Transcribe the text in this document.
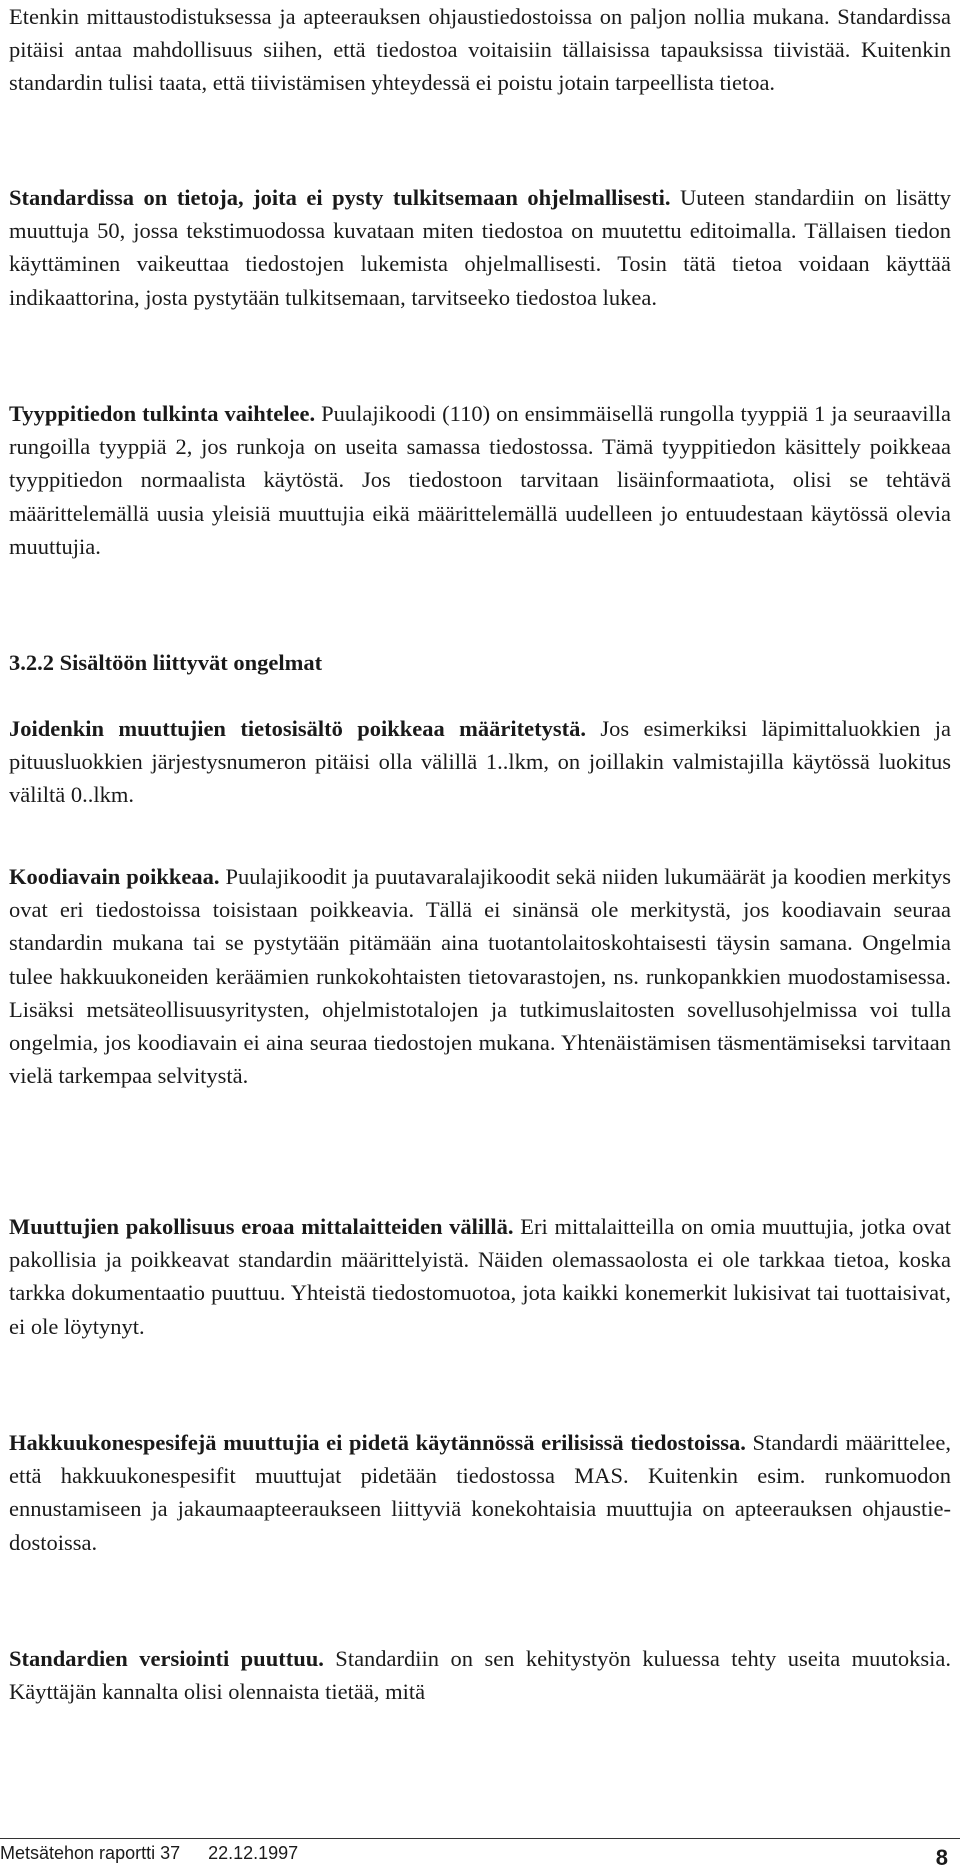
Etenkin mittaustodistuksessa ja apteerauksen ohjaustiedostoissa on paljon nollia mukana. Standardissa pitäisi antaa mahdollisuus siihen, että tiedostoa voitaisiin tällaisissa tapauksissa tiivistää. Kuitenkin standardin tulisi taata, että tiivistämisen yhteydessä ei poistu jotain tarpeellista tietoa.

Standardissa on tietoja, joita ei pysty tulkitsemaan ohjelmallisesti. Uuteen standardiin on lisätty muuttuja 50, jossa tekstimuodossa kuvataan miten tiedostoa on muutettu editoimalla. Tällaisen tiedon käyttäminen vaikeuttaa tiedostojen lukemista ohjelmallisesti. Tosin tätä tietoa voidaan käyttää indikaattorina, josta pystytään tulkitsemaan, tarvitseeko tiedostoa lukea.

Tyyppitiedon tulkinta vaihtelee. Puulajikoodi (110) on ensimmäisellä rungolla tyyppiä 1 ja seuraavilla rungoilla tyyppiä 2, jos runkoja on useita samassa tiedostossa. Tämä tyyppitiedon käsittely poikkeaa tyyppitiedon normaalista käytöstä. Jos tiedostoon tarvitaan lisäinformaatiota, olisi se tehtävä määrittelemällä uusia yleisiä muuttujia eikä määrittelemällä uudelleen jo entuudestaan käytössä olevia muuttujia.

3.2.2 Sisältöön liittyvät ongelmat

Joidenkin muuttujien tietosisältö poikkeaa määritetystä. Jos esimerkiksi läpimittaluokkien ja pituusluokkien järjestysnumeron pitäisi olla välillä 1..lkm, on joillakin valmistajilla käytössä luokitus väliltä 0..lkm.

Koodiavain poikkeaa. Puulajikoodit ja puutavaralajikoodit sekä niiden lukumäärät ja koodien merkitys ovat eri tiedostoissa toisistaan poikkeavia. Tällä ei sinänsä ole merkitystä, jos koodiavain seuraa standardin mukana tai se pystytään pitämään aina tuotantolaitoskohtaisesti täysin samana. Ongelmia tulee hakkuukoneiden keräämien runkokohtaisten tietovarastojen, ns. runkopankkien muodostamisessa. Lisäksi metsäteollisuusyritysten, ohjelmistotalojen ja tutkimuslaitosten sovellusohjelmissa voi tulla ongelmia, jos koodiavain ei aina seuraa tiedostojen mukana. Yhtenäistämisen täsmentämiseksi tarvitaan vielä tarkempaa selvitystä.

Muuttujien pakollisuus eroaa mittalaitteiden välillä. Eri mittalaitteilla on omia muuttujia, jotka ovat pakollisia ja poikkeavat standardin määrittelyistä. Näiden olemassaolosta ei ole tarkkaa tietoa, koska tarkka dokumentaatio puuttuu. Yhteistä tiedostomuotoa, jota kaikki konemerkit lukisivat tai tuottaisivat, ei ole löytynyt.

Hakkuukonespesifejä muuttujia ei pidetä käytännössä erilisissä tiedostoissa. Standardi määrittelee, että hakkuukonespesifit muuttujat pidetään tiedostossa MAS. Kuitenkin esim. runkomuodon ennustamiseen ja jakaumaapteeraukseen liittyviä konekohtaisia muuttujia on apteerauksen ohjaustiedostoissa.

Standardien versiointi puuttuu. Standardiin on sen kehitystyön kuluessa tehty useita muutoksia. Käyttäjän kannalta olisi olennaista tietää, mitä

Metsätehon raportti 37 22.12.1997	8
